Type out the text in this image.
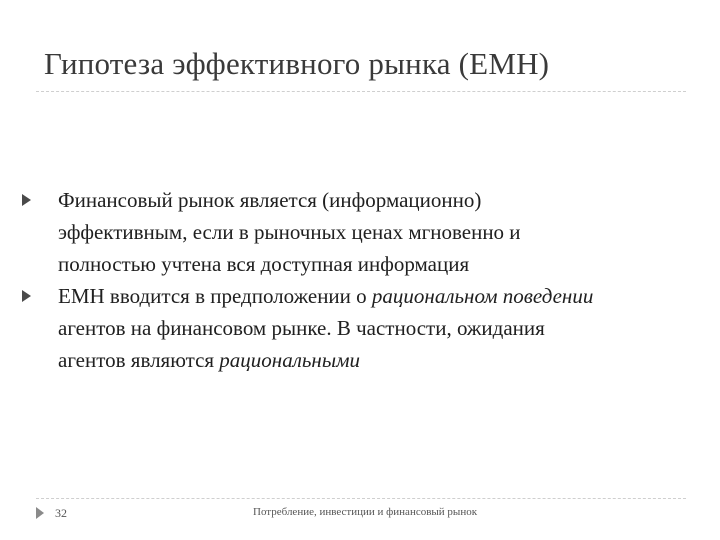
Гипотеза эффективного рынка (EMH)
Финансовый рынок является (информационно)
эффективным, если в рыночных ценах мгновенно и
полностью учтена вся доступная информация
EMH вводится в предположении о рациональном поведении
агентов на финансовом рынке. В частности, ожидания
агентов являются рациональными
32	Потребление, инвестиции и финансовый рынок
